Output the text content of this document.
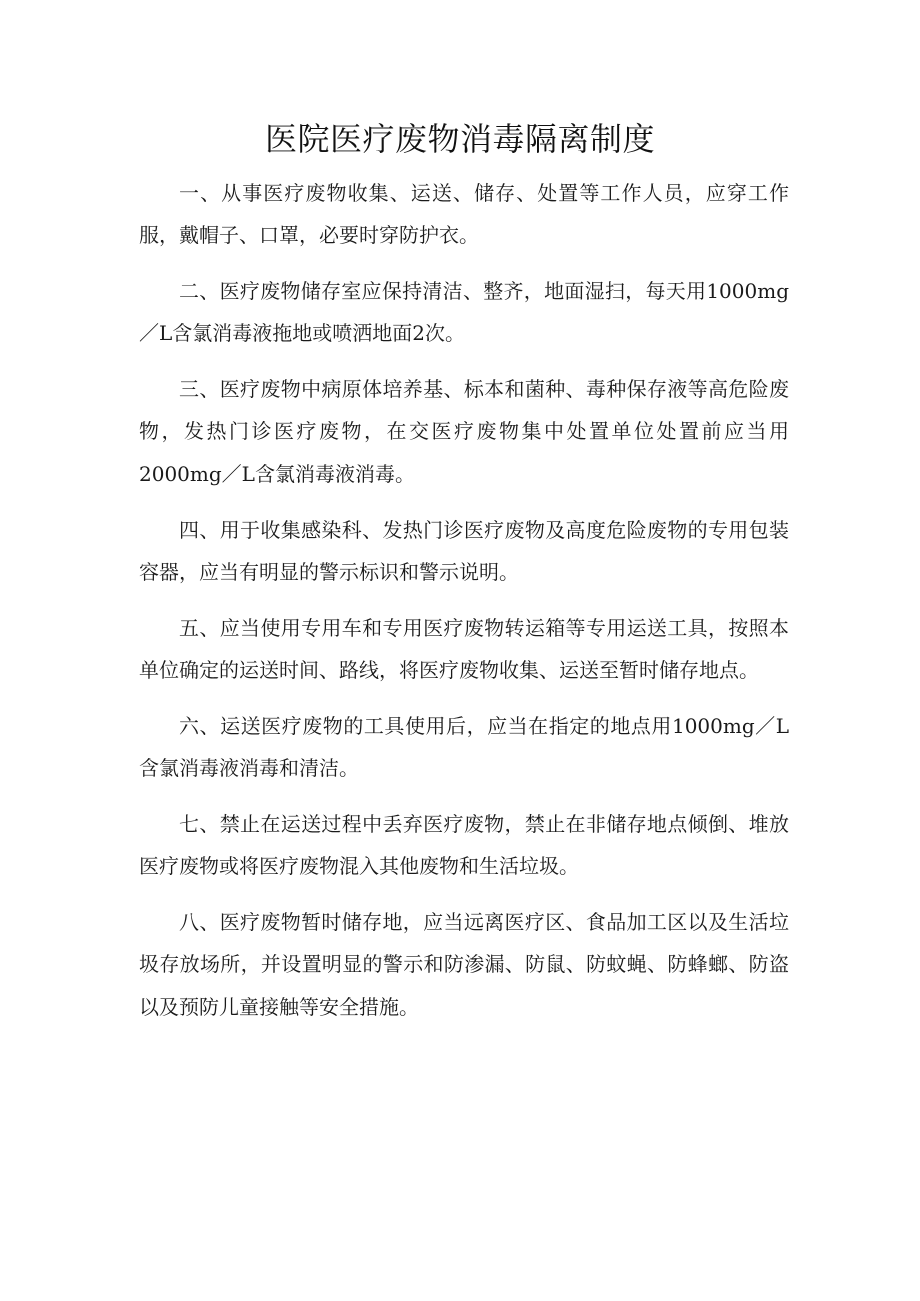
医院医疗废物消毒隔离制度

一、从事医疗废物收集、运送、储存、处置等工作人员，应穿工作服，戴帽子、口罩，必要时穿防护衣。

二、医疗废物储存室应保持清洁、整齐，地面湿扫，每天用1000mg／L含氯消毒液拖地或喷洒地面2次。

三、医疗废物中病原体培养基、标本和菌种、毒种保存液等高危险废物，发热门诊医疗废物，在交医疗废物集中处置单位处置前应当用2000mg／L含氯消毒液消毒。

四、用于收集感染科、发热门诊医疗废物及高度危险废物的专用包装容器，应当有明显的警示标识和警示说明。

五、应当使用专用车和专用医疗废物转运箱等专用运送工具，按照本单位确定的运送时间、路线，将医疗废物收集、运送至暂时储存地点。

六、运送医疗废物的工具使用后，应当在指定的地点用1000mg／L含氯消毒液消毒和清洁。

七、禁止在运送过程中丢弃医疗废物，禁止在非储存地点倾倒、堆放医疗废物或将医疗废物混入其他废物和生活垃圾。

八、医疗废物暂时储存地，应当远离医疗区、食品加工区以及生活垃圾存放场所，并设置明显的警示和防渗漏、防鼠、防蚊蝇、防蜂螂、防盗以及预防儿童接触等安全措施。
